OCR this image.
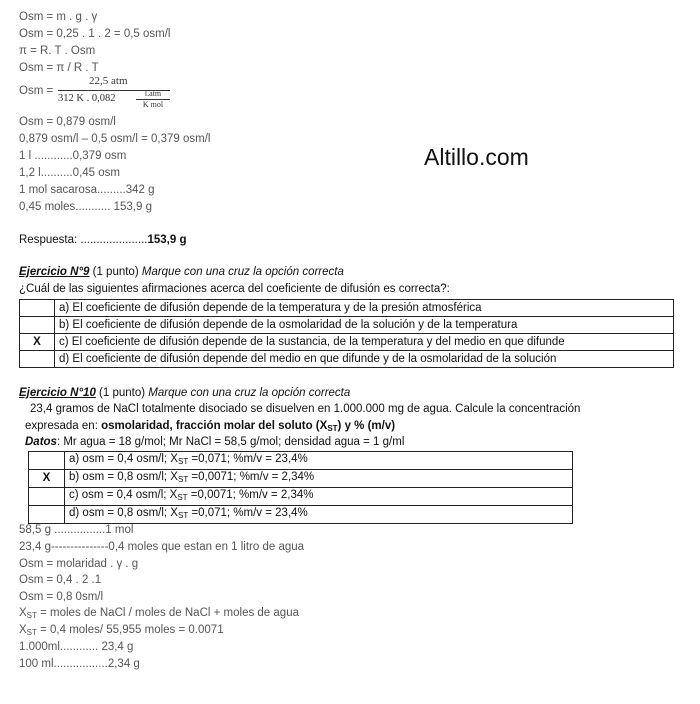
Altillo.com
Osm = m . g . γ
Osm = 0,25 . 1 . 2 = 0,5 osm/l
π = R. T . Osm
Osm = π / R . T
Osm =
22,5 atm
312 K . 0,082	l.atm
K mol
Osm = 0,879 osm/l
0,879 osm/l – 0,5 osm/l = 0,379 osm/l
1 l ............0,379 osm
1,2 l..........0,45 osm
1 mol sacarosa.........342 g
0,45 moles........... 153,9 g
Respuesta: .....................153,9 g
Ejercicio N°9 (1 punto) Marque con una cruz la opción correcta
¿Cuál de las siguientes afirmaciones acerca del coeficiente de difusión es correcta?:
	a) El coeficiente de difusión depende de la temperatura y de la presión atmosférica
	b) El coeficiente de difusión depende de la osmolaridad de la solución y de la temperatura
X	c) El coeficiente de difusión depende de la sustancia, de la temperatura y del medio en que difunde
	d) El coeficiente de difusión depende del medio en que difunde y de la osmolaridad de la solución
Ejercicio N°10 (1 punto) Marque con una cruz la opción correcta
23,4 gramos de NaCl totalmente disociado se disuelven en 1.000.000 mg de agua. Calcule la concentración
expresada en: osmolaridad, fracción molar del soluto $(X_{ST})$ y % (m/v)
Datos: Mr agua = 18 g/mol; Mr NaCl = 58,5 g/mol; densidad agua = 1 g/ml
	a) osm = 0,4 osm/l; $X_{ST} =0,071$; %m/v = 23,4%
X	b) osm = 0,8 osm/l; $X_{ST} =0,0071$; %m/v = 2,34%
	c) osm = 0,4 osm/l; $X_{ST} =0,0071$; %m/v = 2,34%
	d) osm = 0,8 osm/l; $X_{ST} =0,071$; %m/v = 23,4%
58,5 g ................1 mol
23,4 g---------------0,4 moles que estan en 1 litro de agua
Osm = molaridad . γ . g
Osm = 0,4 . 2 .1
Osm = 0,8 0sm/l
$X_{ST}$ = moles de NaCl / moles de NaCl + moles de agua
$X_{ST} = 0,4$ moles/ 55,955 moles = 0.0071
1.000ml............ 23,4 g
100 ml.................2,34 g
